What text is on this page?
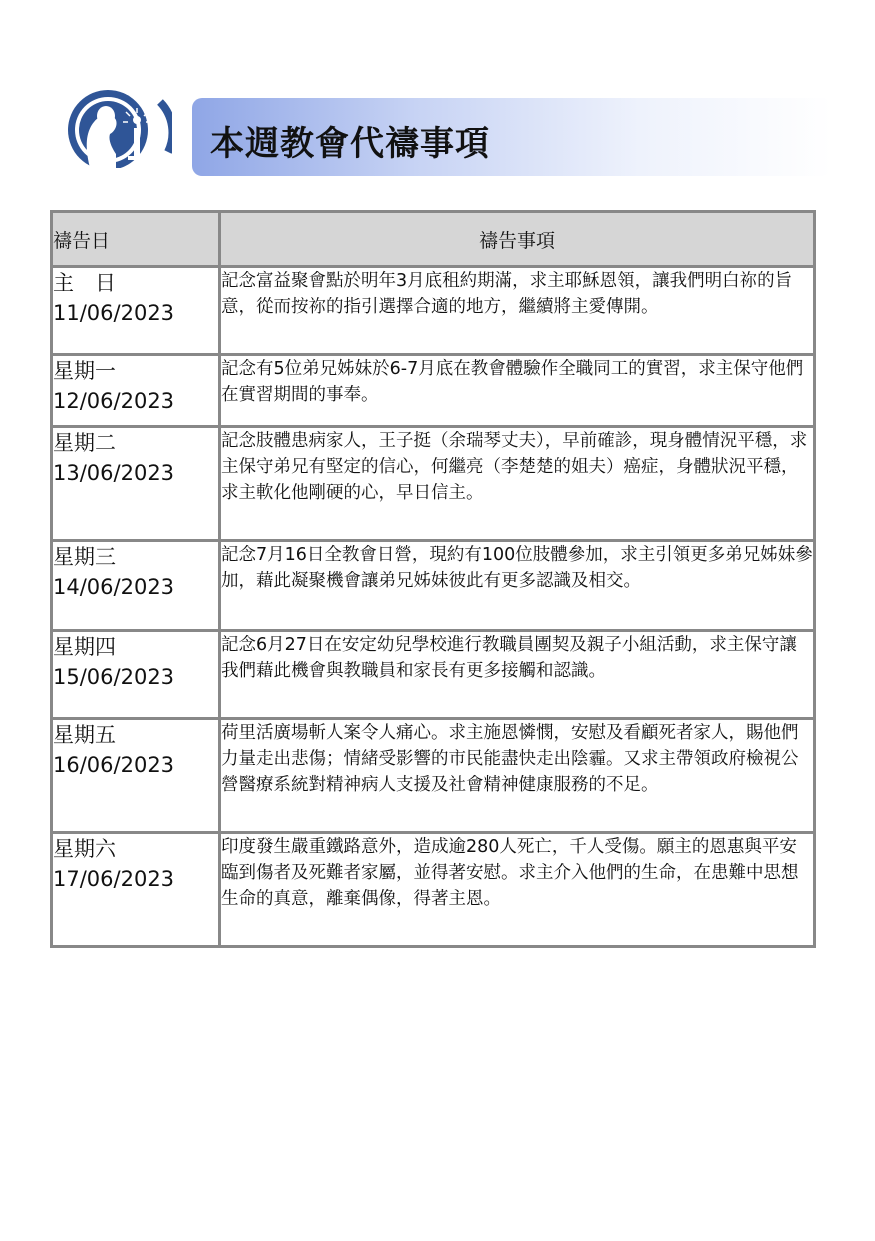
本週教會代禱事項
禱告日	禱告事項

主　日
11/06/2023	記念富益聚會點於明年3月底租約期滿，求主耶穌恩領，讓我們明白祢的旨意，從而按祢的指引選擇合適的地方，繼續將主愛傳開。

星期一
12/06/2023	記念有5位弟兄姊妹於6-7月底在教會體驗作全職同工的實習，求主保守他們在實習期間的事奉。

星期二
13/06/2023	記念肢體患病家人，王子挺（余瑞琴丈夫），早前確診，現身體情況平穩，求主保守弟兄有堅定的信心，何繼亮（李楚楚的姐夫）癌症，身體狀況平穩，求主軟化他剛硬的心，早日信主。

星期三
14/06/2023	記念7月16日全教會日營，現約有100位肢體參加，求主引領更多弟兄姊妹參加，藉此凝聚機會讓弟兄姊妹彼此有更多認識及相交。

星期四
15/06/2023	記念6月27日在安定幼兒學校進行教職員團契及親子小組活動，求主保守讓我們藉此機會與教職員和家長有更多接觸和認識。

星期五
16/06/2023	荷里活廣場斬人案令人痛心。求主施恩憐憫，安慰及看顧死者家人，賜他們力量走出悲傷；情緒受影響的市民能盡快走出陰霾。又求主帶領政府檢視公營醫療系統對精神病人支援及社會精神健康服務的不足。

星期六
17/06/2023	印度發生嚴重鐵路意外，造成逾280人死亡，千人受傷。願主的恩惠與平安臨到傷者及死難者家屬，並得著安慰。求主介入他們的生命，在患難中思想生命的真意，離棄偶像，得著主恩。
